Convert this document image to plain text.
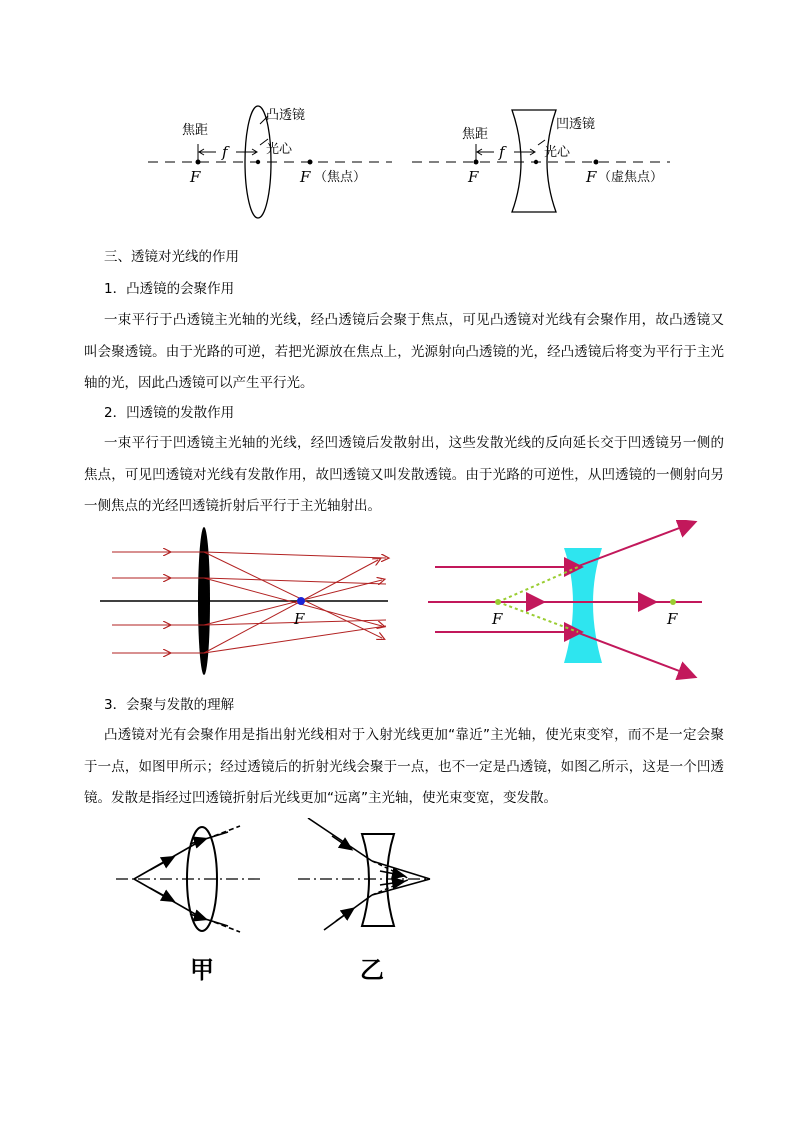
焦距
凸透镜
f	光心
F	F （焦点）
焦距
凹透镜
f	光心
F	F （虚焦点）
三、透镜对光线的作用
1．凸透镜的会聚作用
一束平行于凸透镜主光轴的光线，经凸透镜后会聚于焦点，可见凸透镜对光线有会聚作用，故凸透镜又叫会聚透镜。由于光路的可逆，若把光源放在焦点上，光源射向凸透镜的光，经凸透镜后将变为平行于主光轴的光，因此凸透镜可以产生平行光。
2．凹透镜的发散作用
一束平行于凹透镜主光轴的光线，经凹透镜后发散射出，这些发散光线的反向延长交于凹透镜另一侧的焦点，可见凹透镜对光线有发散作用，故凹透镜又叫发散透镜。由于光路的可逆性，从凹透镜的一侧射向另一侧焦点的光经凹透镜折射后平行于主光轴射出。
F	F	F
3．会聚与发散的理解
凸透镜对光有会聚作用是指出射光线相对于入射光线更加“靠近”主光轴，使光束变窄，而不是一定会聚于一点，如图甲所示；经过透镜后的折射光线会聚于一点，也不一定是凸透镜，如图乙所示，这是一个凹透镜。发散是指经过凹透镜折射后光线更加“远离”主光轴，使光束变宽，变发散。
甲	乙
